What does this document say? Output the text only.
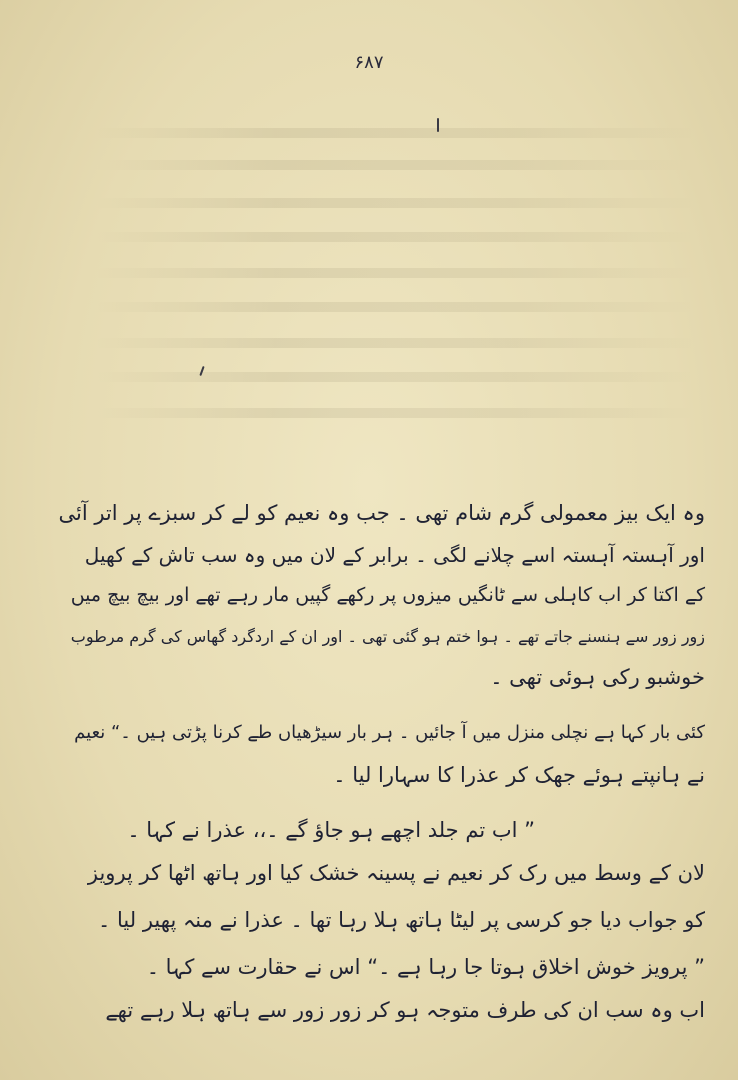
۶۸۷
وہ ایک بیز معمولی گرم شام تھی ۔ جب وہ نعیم کو لے کر سبزے پر اتر آئی
اور آہستہ آہستہ اسے چلانے لگی ۔ برابر کے لان میں وہ سب تاش کے کھیل
کے اکتا کر اب کاہلی سے ٹانگیں میزوں پر رکھے گپیں مار رہے تھے اور بیچ بیچ میں
زور زور سے ہنسنے جاتے تھے ۔ ہوا ختم ہو گئی تھی ۔ اور ان کے اردگرد گھاس کی گرم مرطوب
خوشبو رکی ہوئی تھی ۔
کئی بار کہا ہے نچلی منزل میں آ جائیں ۔ ہر بار سیڑھیاں طے کرنا پڑتی ہیں ۔“ نعیم
نے ہانپتے ہوئے جھک کر عذرا کا سہارا لیا ۔
” اب تم جلد اچھے ہو جاؤ گے ۔،، عذرا نے کہا ۔
لان کے وسط میں رک کر نعیم نے پسینہ خشک کیا اور ہاتھ اٹھا کر پرویز
کو جواب دیا جو کرسی پر لیٹا ہاتھ ہلا رہا تھا ۔ عذرا نے منہ پھیر لیا ۔
” پرویز خوش اخلاق ہوتا جا رہا ہے ۔“ اس نے حقارت سے کہا ۔
اب وہ سب ان کی طرف متوجہ ہو کر زور زور سے ہاتھ ہلا رہے تھے
